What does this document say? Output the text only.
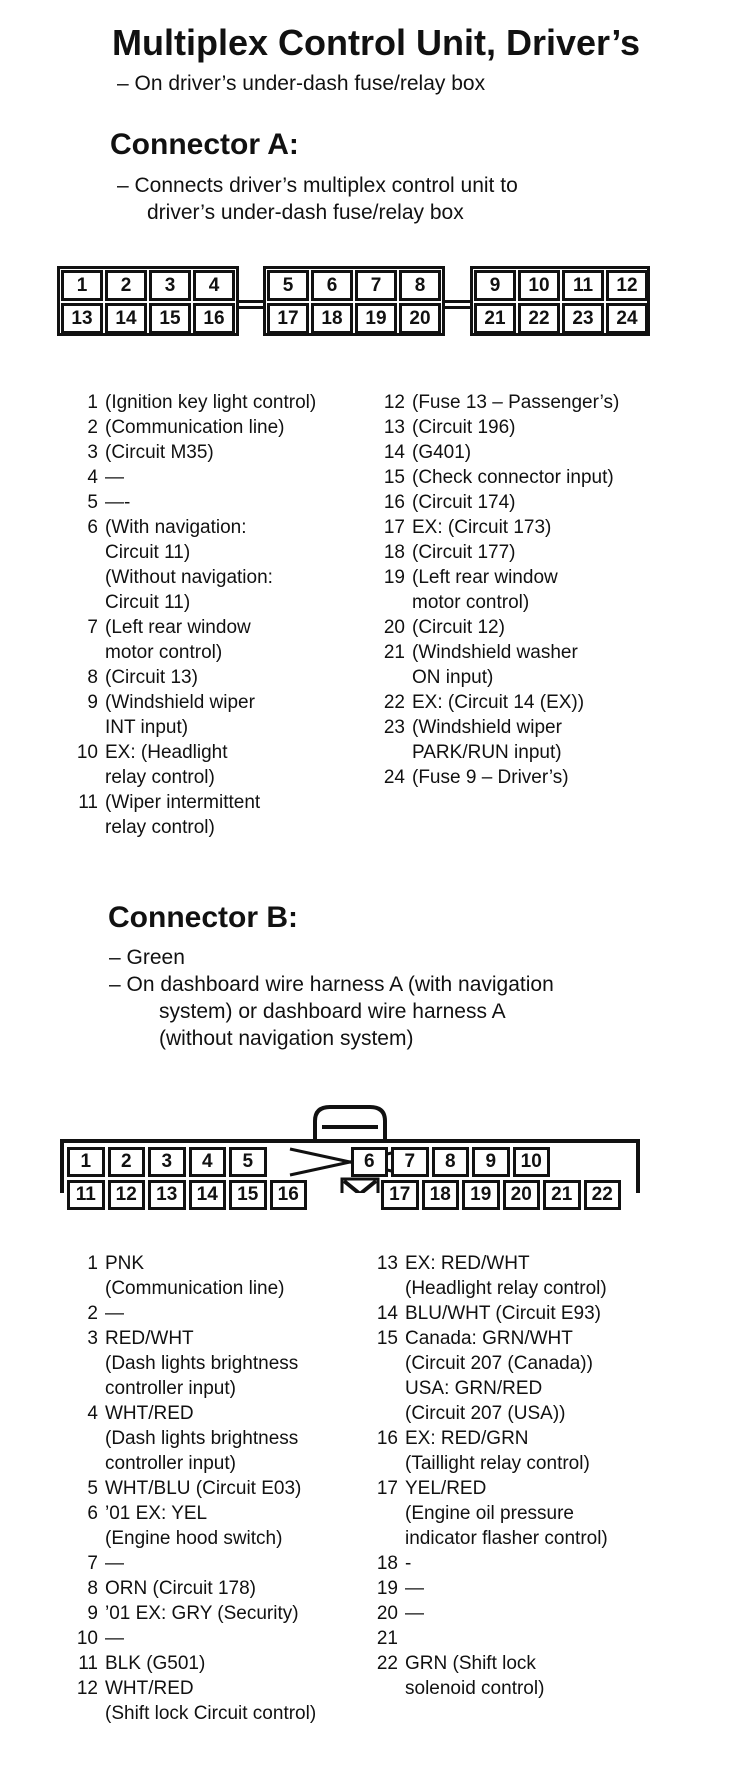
Multiplex Control Unit, Driver’s
– On driver’s under-dash fuse/relay box
Connector A:
– Connects driver’s multiplex control unit to
driver’s under-dash fuse/relay box
1	2	3	4	5	6	7	8	9	10	11	12
13	14	15	16	17	18	19	20	21	22	23	24
1 (Ignition key light control)
2 (Communication line)
3 (Circuit M35)
4 —
5 —-
6 (With navigation:
Circuit 11)
(Without navigation:
Circuit 11)
7 (Left rear window
motor control)
8 (Circuit 13)
9 (Windshield wiper
INT input)
10 EX: (Headlight
relay control)
11 (Wiper intermittent
relay control)
12 (Fuse 13 – Passenger’s)
13 (Circuit 196)
14 (G401)
15 (Check connector input)
16 (Circuit 174)
17 EX: (Circuit 173)
18 (Circuit 177)
19 (Left rear window
motor control)
20 (Circuit 12)
21 (Windshield washer
ON input)
22 EX: (Circuit 14 (EX))
23 (Windshield wiper
PARK/RUN input)
24 (Fuse 9 – Driver’s)
Connector B:
– Green
– On dashboard wire harness A (with navigation
system) or dashboard wire harness A
(without navigation system)
1	2	3	4	5	6	7	8	9	10
11	12	13	14	15	16	17	18	19	20	21	22
1 PNK
(Communication line)
2 —
3 RED/WHT
(Dash lights brightness
controller input)
4 WHT/RED
(Dash lights brightness
controller input)
5 WHT/BLU (Circuit E03)
6 ’01 EX: YEL
(Engine hood switch)
7 —
8 ORN (Circuit 178)
9 ’01 EX: GRY (Security)
10 —
11 BLK (G501)
12 WHT/RED
(Shift lock Circuit control)
13 EX: RED/WHT
(Headlight relay control)
14 BLU/WHT (Circuit E93)
15 Canada: GRN/WHT
(Circuit 207 (Canada))
USA: GRN/RED
(Circuit 207 (USA))
16 EX: RED/GRN
(Taillight relay control)
17 YEL/RED
(Engine oil pressure
indicator flasher control)
18 -
19 —
20 —
21

22 GRN (Shift lock
solenoid control)
